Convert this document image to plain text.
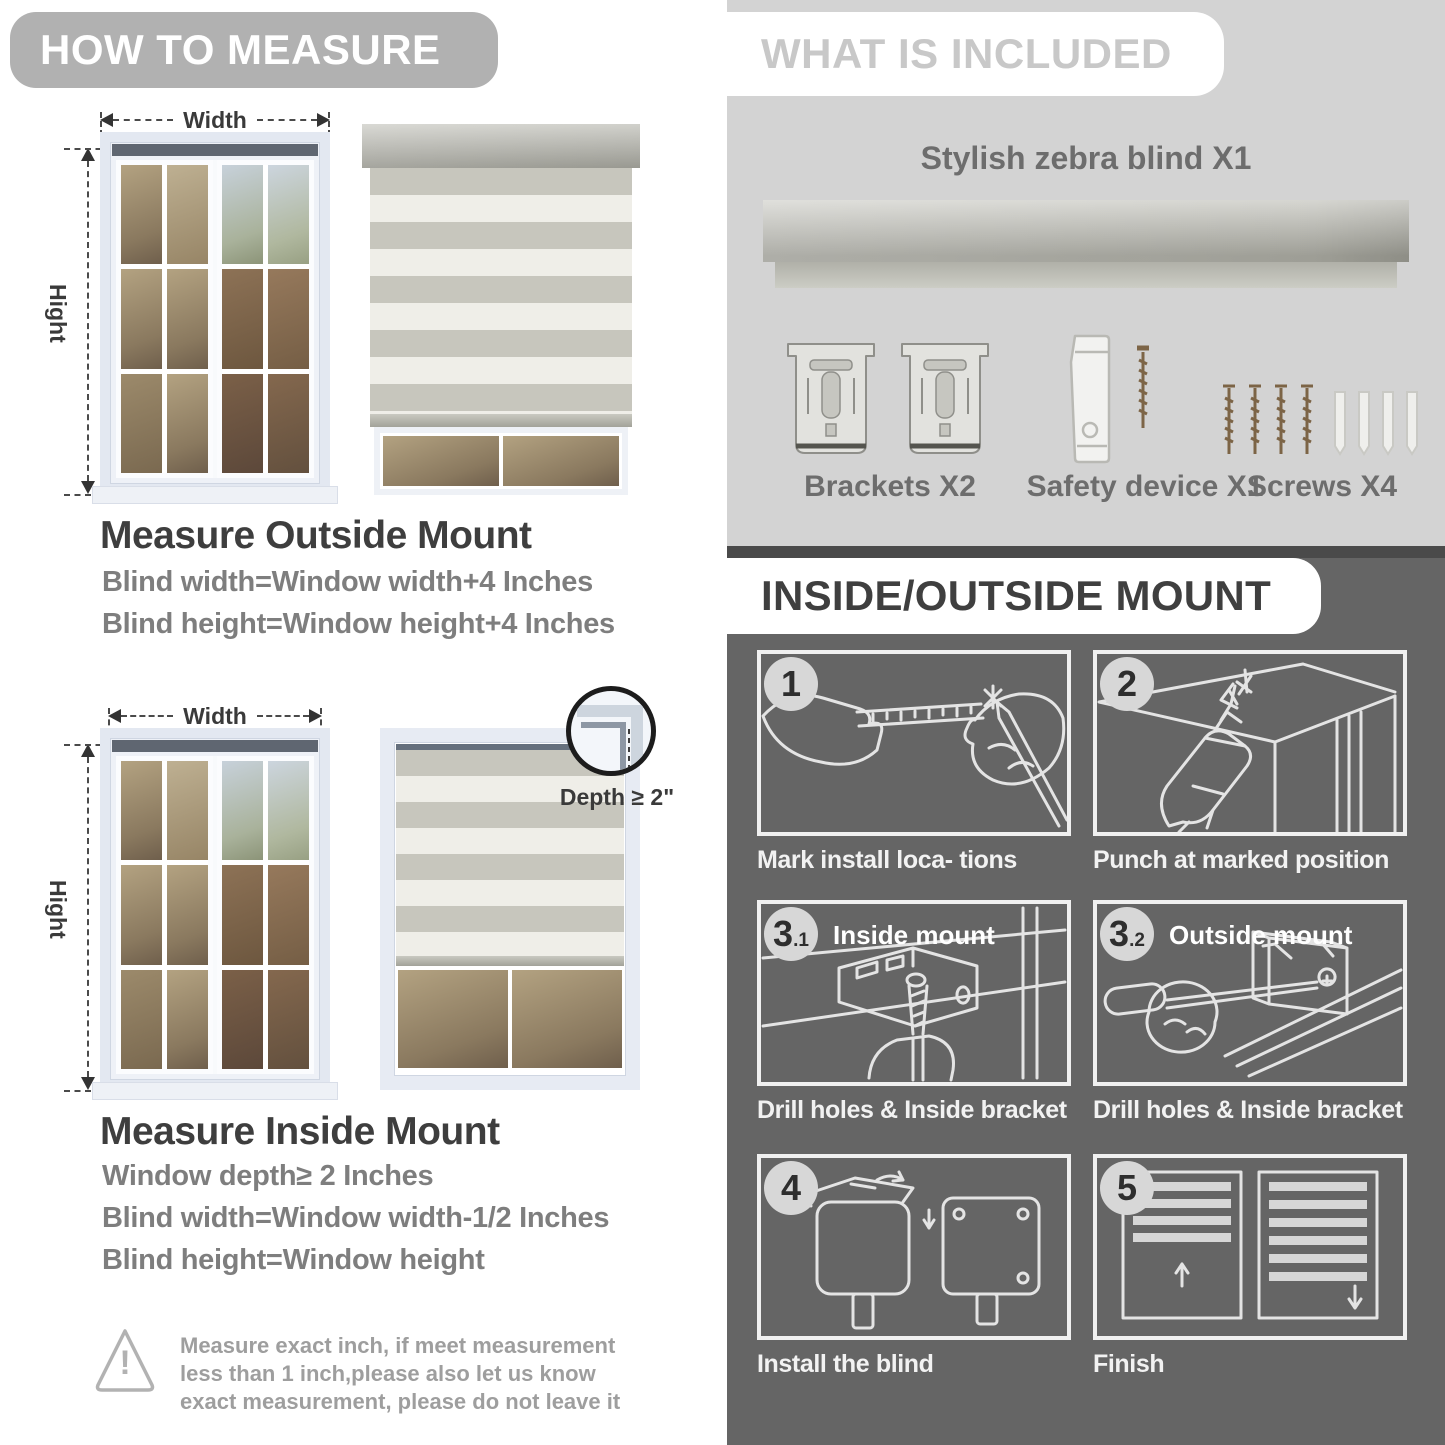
HOW TO MEASURE
Width
Hight
Measure Outside Mount
Blind width=Window width+4 Inches
Blind height=Window height+4 Inches
Width
Hight
Depth ≥ 2"
Measure Inside Mount
Window depth≥ 2 Inches
Blind width=Window width-1/2 Inches
Blind height=Window height
!	Measure exact inch, if meet measurement less than 1 inch,please also let us know exact measurement, please do not leave it
WHAT IS INCLUDED
Stylish zebra blind X1
Brackets X2	Safety device X1
Screws X4
INSIDE/OUTSIDE MOUNT
1
Mark install loca- tions
2
Punch at marked position
3 .1 Inside mount
Drill holes & Inside bracket
3 .2 Outside mount
Drill holes & Inside bracket
4
Install the blind
5
Finish
